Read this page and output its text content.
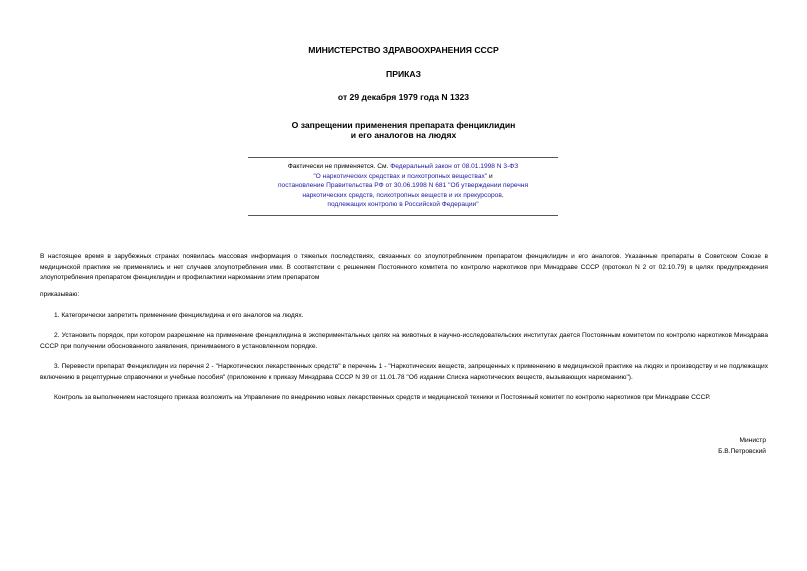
МИНИСТЕРСТВО ЗДРАВООХРАНЕНИЯ СССР
ПРИКАЗ
от 29 декабря 1979 года N 1323
О запрещении применения препарата фенциклидин
и его аналогов на людях
Фактически не применяется. См. Федеральный закон от 08.01.1998 N 3-ФЗ
"О наркотических средствах и психотропных веществах" и
постановление Правительства РФ от 30.06.1998 N 681 "Об утверждении перечня
наркотических средств, психотропных веществ и их прекурсоров,
подлежащих контролю в Российской Федерации"
В настоящее время в зарубежных странах появилась массовая информация о тяжелых последствиях, связанных со злоупотреблением препаратом фенциклидин и его аналогов. Указанные препараты в Советском Союзе в медицинской практике не применялись и нет случаев злоупотребления ими. В соответствии с решением Постоянного комитета по контролю наркотиков при Минздраве СССР (протокол N 2 от 02.10.79) в целях предупреждения злоупотребления препаратом фенциклидин и профилактики наркомании этим препаратом
приказываю:
1. Категорически запретить применение фенциклидина и его аналогов на людях.
2. Установить порядок, при котором разрешение на применение фенциклидина в экспериментальных целях на животных в научно-исследовательских институтах дается Постоянным комитетом по контролю наркотиков Минздрава СССР при получении обоснованного заявления, принимаемого в установленном порядке.
3. Перевести препарат Фенциклидин из перечня 2 - "Наркотических лекарственных средств" в перечень 1 - "Наркотических веществ, запрещенных к применению в медицинской практике на людях и производству и не подлежащих включению в рецептурные справочники и учебные пособия" (приложение к приказу Минздрава СССР N 39 от 11.01.78 "Об издании Списка наркотических веществ, вызывающих наркоманию").
Контроль за выполнением настоящего приказа возложить на Управление по внедрению новых лекарственных средств и медицинской техники и Постоянный комитет по контролю наркотиков при Минздраве СССР.
Министр
Б.В.Петровский
